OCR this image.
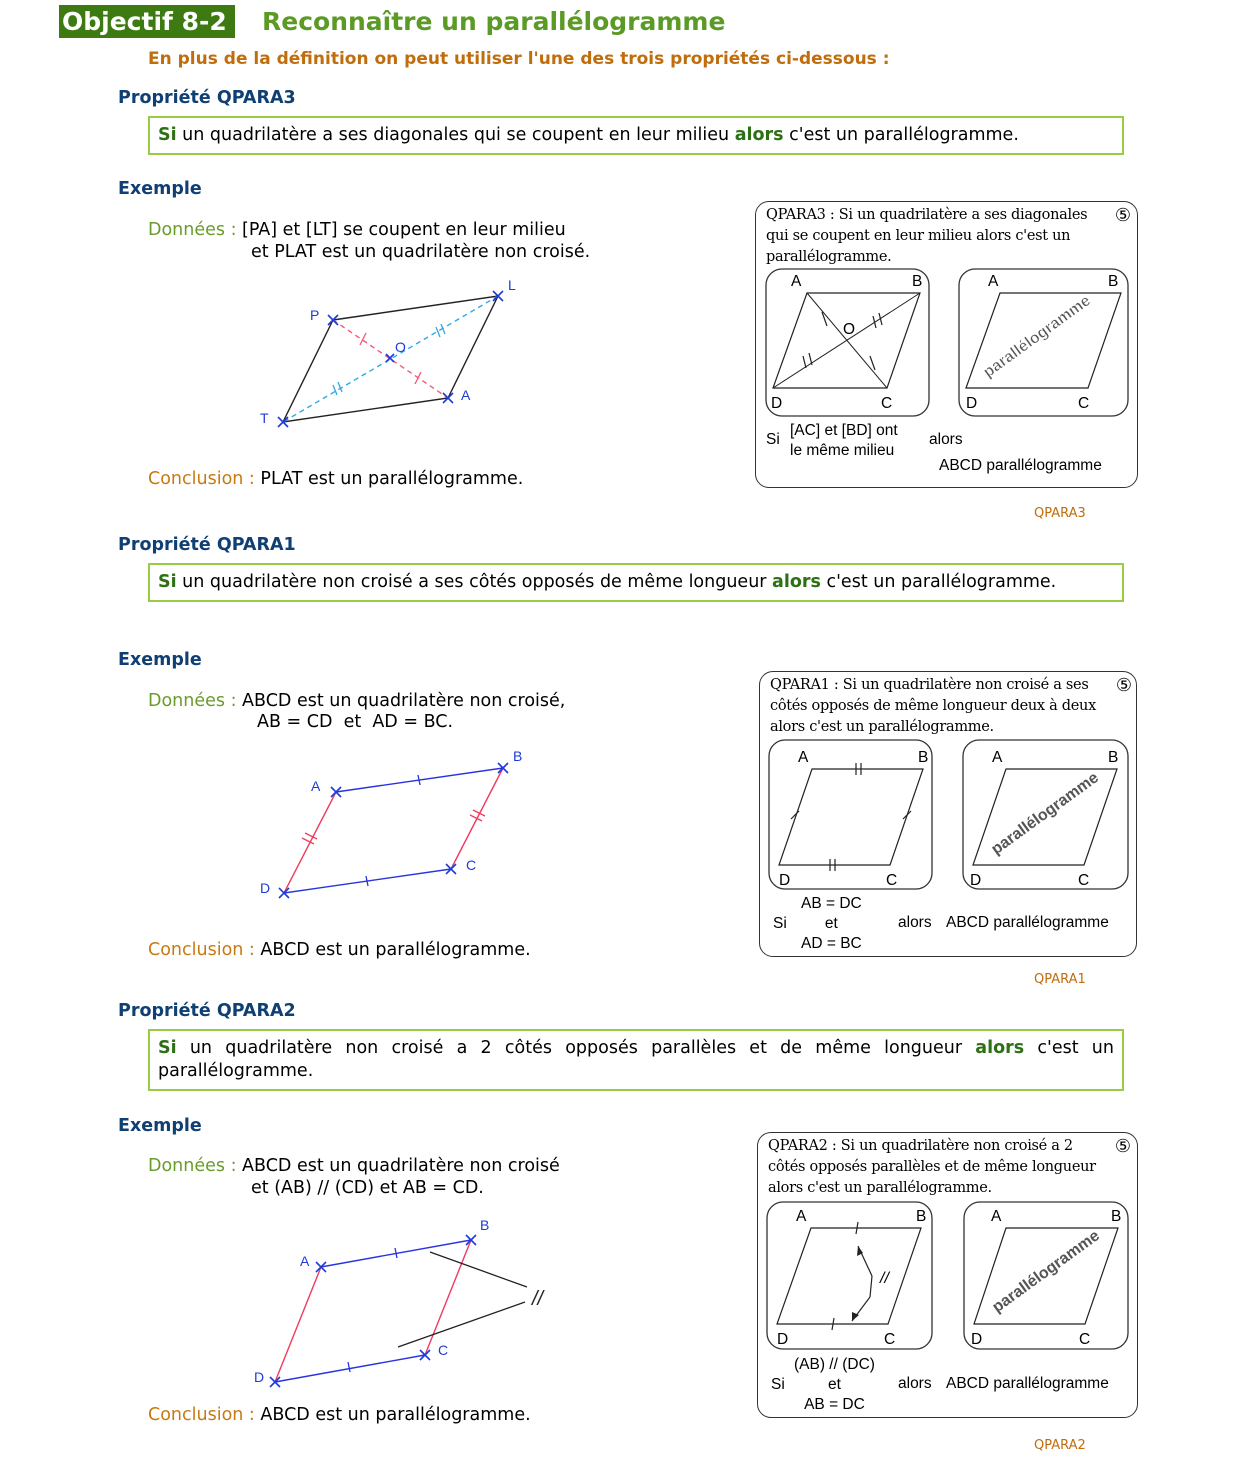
Objectif 8-2	Reconnaître un parallélogramme
En plus de la définition on peut utiliser l'une des trois propriétés ci-dessous :
Propriété QPARA3
Si un quadrilatère a ses diagonales qui se coupent en leur milieu alors c'est un parallélogramme.
Exemple
Données : [PA] et [LT] se coupent en leur milieu
et PLAT est un quadrilatère non croisé.
P
L
A
T
O
Conclusion : PLAT est un parallélogramme.
QPARA3 : Si un quadrilatère a ses diagonales
qui se coupent en leur milieu alors c'est un
parallélogramme.
⑤
A	B
C
D
O	parallélogramme
A	B
C
D
Si
[AC] et [BD] ont
le même milieu
alors
ABCD parallélogramme
QPARA3
Propriété QPARA1
Si un quadrilatère non croisé a ses côtés opposés de même longueur alors c'est un parallélogramme.
Exemple
Données : ABCD est un quadrilatère non croisé,
AB = CD  et  AD = BC.
A
B
C
D
Conclusion : ABCD est un parallélogramme.
QPARA1 : Si un quadrilatère non croisé a ses
côtés opposés de même longueur deux à deux
alors c'est un parallélogramme.
⑤
A	B
C
D
parallélogramme
A	B
C
D
Si
AB = DC
et
AD = BC
alors ABCD parallélogramme
QPARA1
Propriété QPARA2
Si un quadrilatère non croisé a 2 côtés opposés parallèles et de même longueur alors c'est un parallélogramme.
Exemple
Données : ABCD est un quadrilatère non croisé
et (AB) // (CD) et AB = CD.
A
B
C
D
//
Conclusion : ABCD est un parallélogramme.
QPARA2 : Si un quadrilatère non croisé a 2
côtés opposés parallèles et de même longueur
alors c'est un parallélogramme.
⑤
//
A	B
C
D
parallélogramme
A	B
C
D
Si
(AB) // (DC)
et
AB = DC
alors ABCD parallélogramme
QPARA2
